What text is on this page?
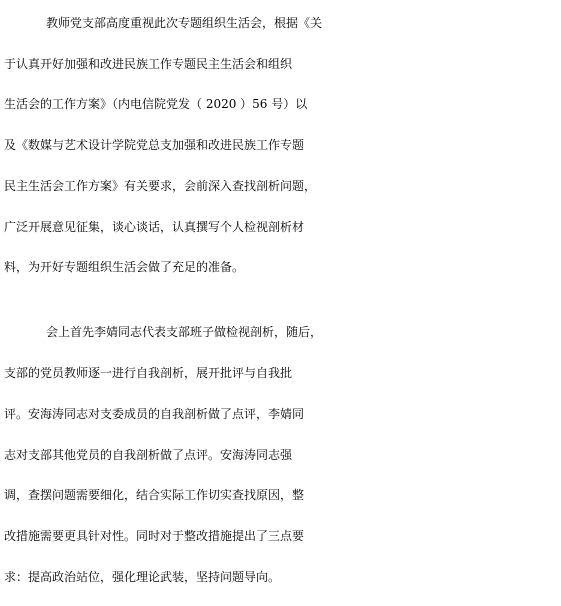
教师党支部高度重视此次专题组织生活会，根据《关
于认真开好加强和改进民族工作专题民主生活会和组织
生活会的工作方案》（内电信院党发（ 2020 ）56 号）以
及《数媒与艺术设计学院党总支加强和改进民族工作专题
民主生活会工作方案》有关要求，会前深入查找剖析问题，
广泛开展意见征集，谈心谈话，认真撰写个人检视剖析材
料，为开好专题组织生活会做了充足的准备。
会上首先李婧同志代表支部班子做检视剖析，随后，
支部的党员教师逐一进行自我剖析，展开批评与自我批
评。安海涛同志对支委成员的自我剖析做了点评，李婧同
志对支部其他党员的自我剖析做了点评。安海涛同志强
调，查摆问题需要细化，结合实际工作切实查找原因，整
改措施需要更具针对性。同时对于整改措施提出了三点要
求：提高政治站位，强化理论武装，坚持问题导向。
